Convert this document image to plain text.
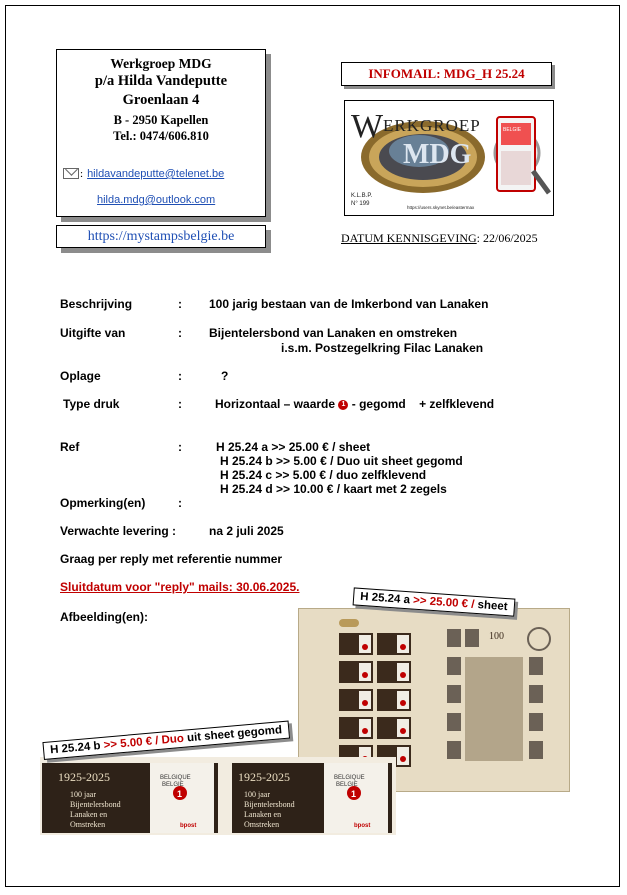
Werkgroep MDG
p/a Hilda Vandeputte
Groenlaan 4
B - 2950 Kapellen
Tel.: 0474/606.810
: hildavandeputte@telenet.be
hilda.mdg@outlook.com
https://mystampsbelgie.be
INFOMAIL: MDG_H 25.24
MDG
W ERKGROEP
K.L.B.P.
N° 199
https://users.skynet.be/eastermax
BELGIE
DATUM KENNISGEVING: 22/06/2025
Beschrijving	: 100 jarig bestaan van de Imkerbond van Lanaken
Uitgifte van	: Bijentelersbond van Lanaken en omstreken
i.s.m. Postzegelkring Filac Lanaken
Oplage	:	?
Type druk	:	Horizontaal – waarde 1 - gegomd + zelfklevend
Ref	:	H 25.24 a >> 25.00 € / sheet
H 25.24 b >> 5.00 € / Duo uit sheet gegomd
H 25.24 c >> 5.00 € / duo zelfklevend
H 25.24 d >> 10.00 € / kaart met 2 zegels
Opmerking(en)	:
Verwachte levering :	na 2 juli 2025
Graag per reply met referentie nummer
Sluitdatum voor "reply" mails: 30.06.2025.
Afbeelding(en):
100
H 25.24 a >> 25.00 € / sheet
1	1
BELGIQUE
BELGIE
BELGIQUE
BELGIE
1925-2025	1925-2025
100 jaar
Bijentelersbond
Lanaken en
Omstreken
100 jaar
Bijentelersbond
Lanaken en
Omstreken
bpost	bpost
H 25.24 b >> 5.00 € / Duo uit sheet gegomd
